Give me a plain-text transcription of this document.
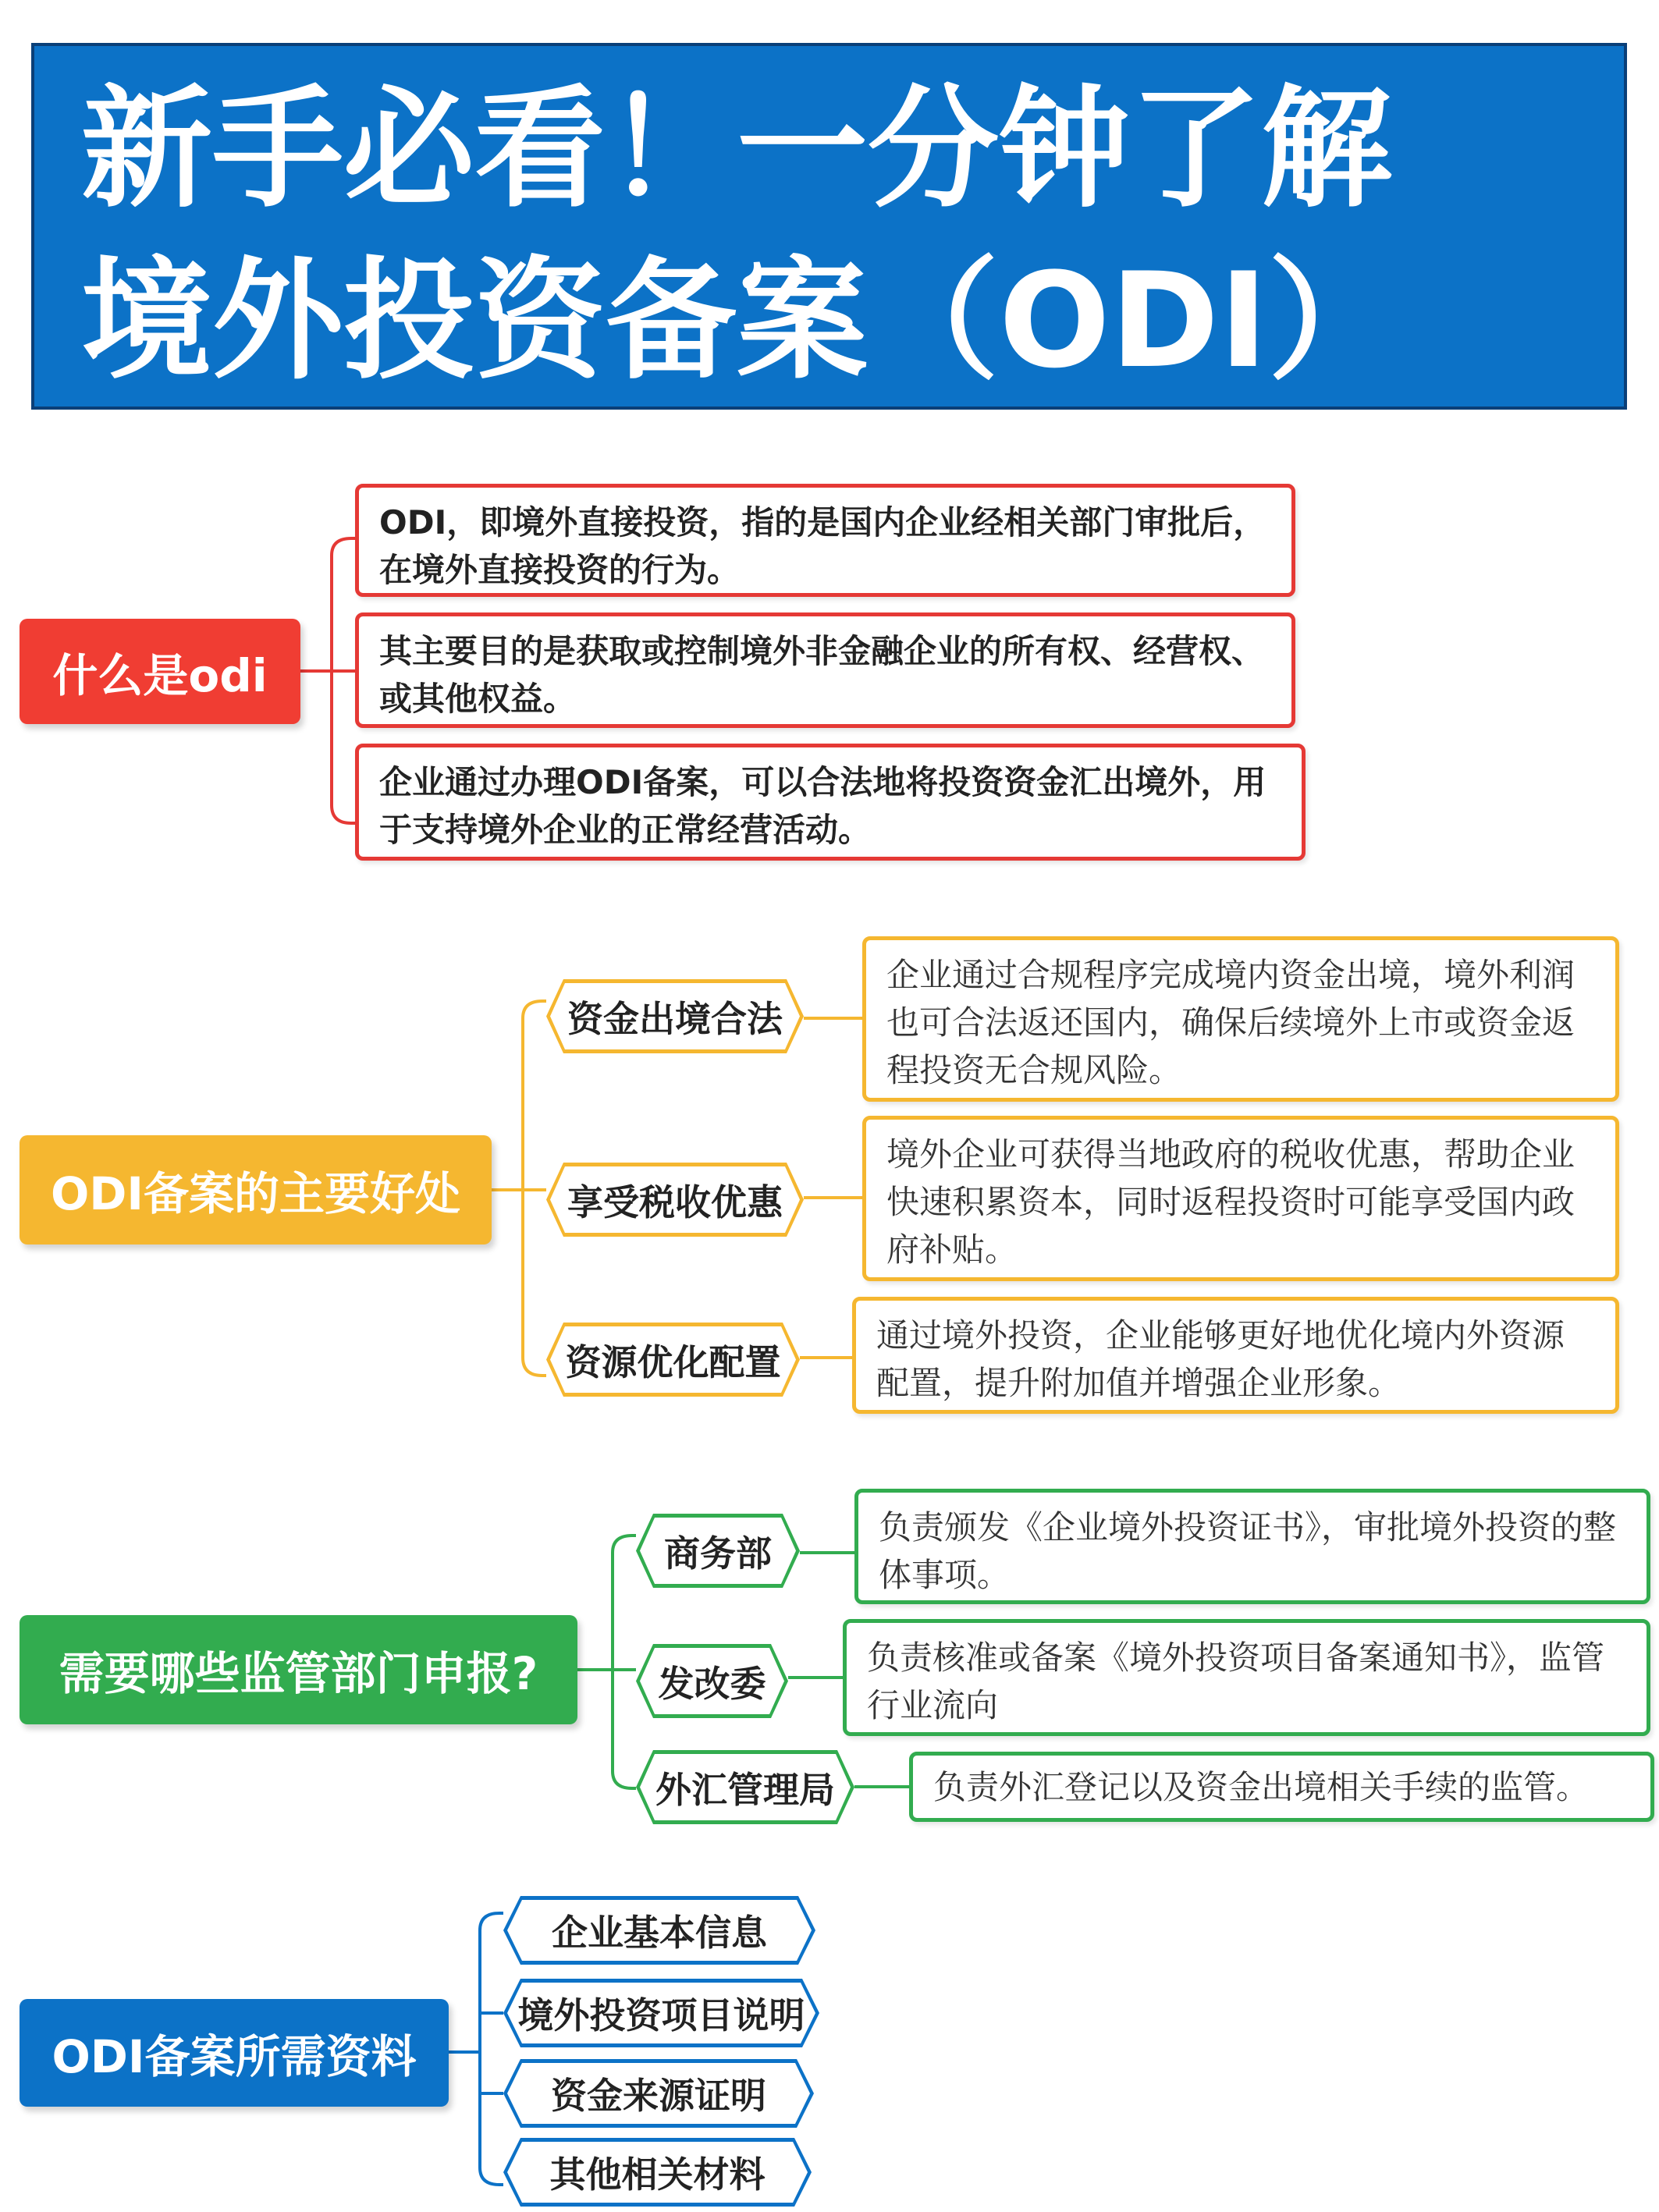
新手必看！一分钟了解
境外投资备案（ODI）
什么是odi
ODI，即境外直接投资，指的是国内企业经相关部门审批后，在境外直接投资的行为。
其主要目的是获取或控制境外非金融企业的所有权、经营权、或其他权益。
企业通过办理ODI备案，可以合法地将投资资金汇出境外，用于支持境外企业的正常经营活动。
ODI备案的主要好处
资金出境合法
享受税收优惠
资源优化配置
企业通过合规程序完成境内资金出境，境外利润也可合法返还国内，确保后续境外上市或资金返程投资无合规风险。
境外企业可获得当地政府的税收优惠，帮助企业快速积累资本，同时返程投资时可能享受国内政府补贴。
通过境外投资，企业能够更好地优化境内外资源配置，提升附加值并增强企业形象。
需要哪些监管部门申报?
商务部
发改委
外汇管理局
负责颁发《企业境外投资证书》，审批境外投资的整体事项。
负责核准或备案《境外投资项目备案通知书》，监管行业流向
负责外汇登记以及资金出境相关手续的监管。
ODI备案所需资料
企业基本信息
境外投资项目说明
资金来源证明
其他相关材料
